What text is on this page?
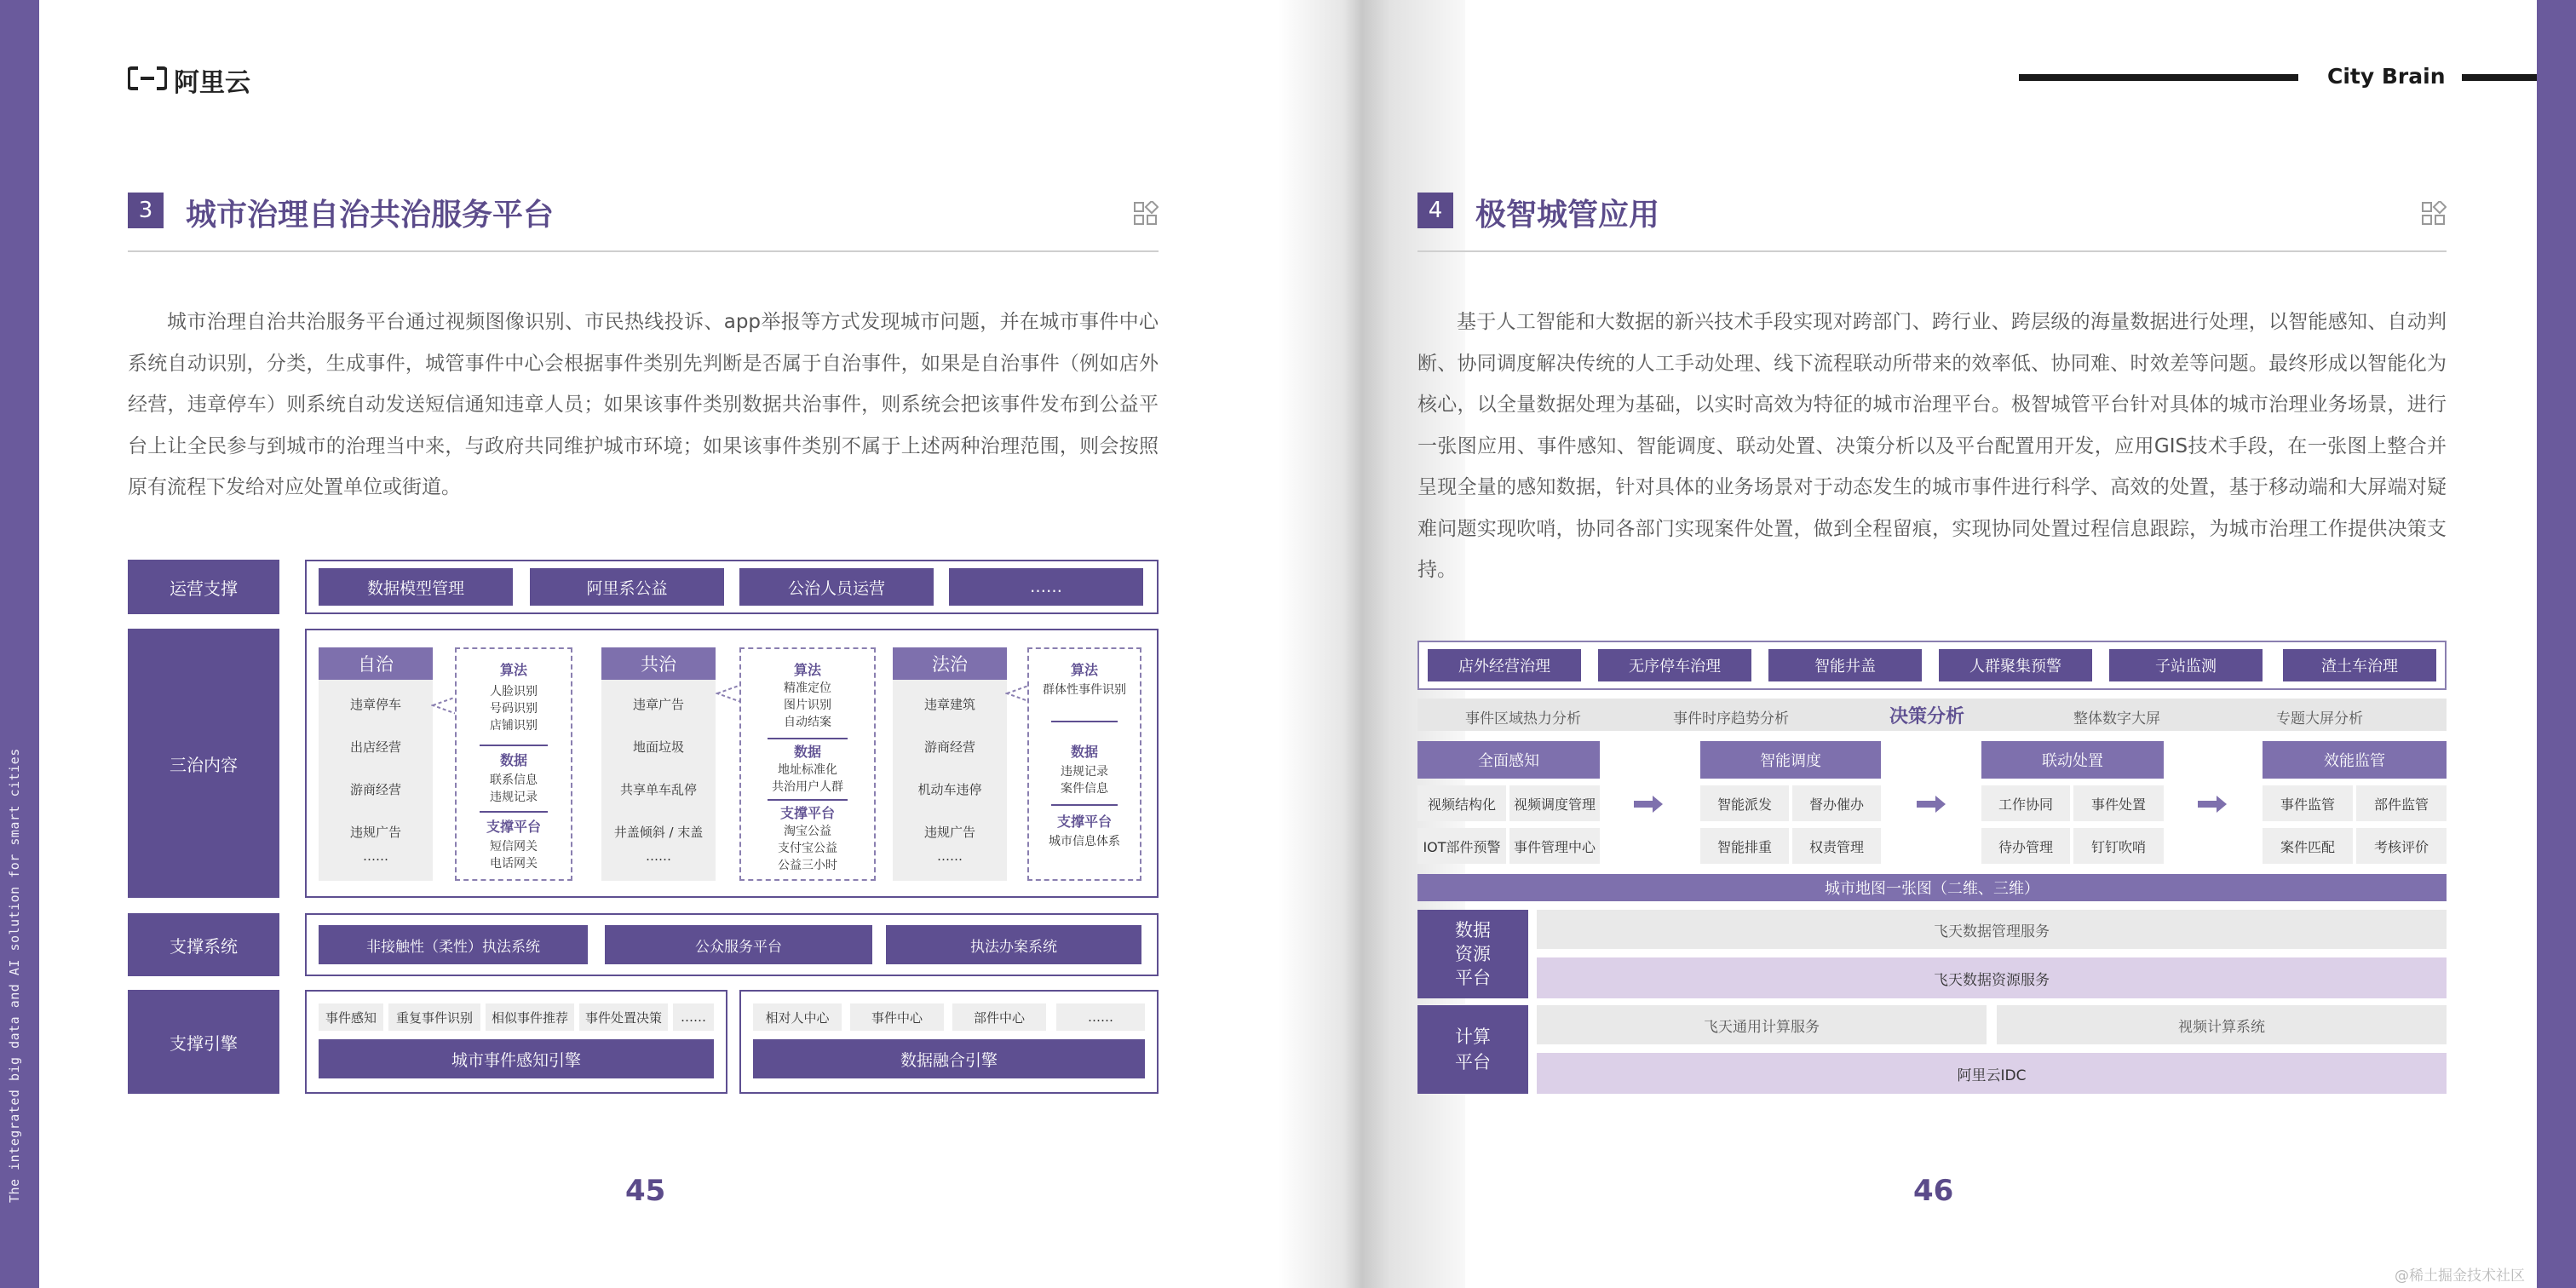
The integrated big data and AI solution for smart cities
阿里云	City Brain
3	城市治理自治共治服务平台

城市治理自治共治服务平台通过视频图像识别、市民热线投诉、app举报等方式发现城市问题，并在城市事件中心系统自动识别，分类，生成事件，城管事件中心会根据事件类别先判断是否属于自治事件，如果是自治事件（例如店外经营，违章停车）则系统自动发送短信通知违章人员；如果该事件类别数据共治事件，则系统会把该事件发布到公益平台上让全民参与到城市的治理当中来，与政府共同维护城市环境；如果该事件类别不属于上述两种治理范围，则会按照原有流程下发给对应处置单位或街道。

运营支撑	数据模型管理	阿里系公益	公治人员运营	……
三治内容
自治
违章停车
出店经营
游商经营
违规广告
……
算法
人脸识别
号码识别
店铺识别
数据
联系信息
违规记录
支撑平台
短信网关
电话网关
共治
违章广告
地面垃圾
共享单车乱停
井盖倾斜 / 末盖
……
算法
精准定位
图片识别
自动结案
数据
地址标准化
共治用户人群
支撑平台
淘宝公益
支付宝公益
公益三小时
法治
违章建筑
游商经营
机动车违停
违规广告
……
算法
群体性事件识别
数据
违规记录
案件信息
支撑平台
城市信息体系
支撑系统	非接触性（柔性）执法系统	公众服务平台	执法办案系统
支撑引擎
事件感知	重复事件识别	相似事件推荐	事件处置决策	……
城市事件感知引擎
相对人中心	事件中心	部件中心	……
数据融合引擎
45
4	极智城管应用

基于人工智能和大数据的新兴技术手段实现对跨部门、跨行业、跨层级的海量数据进行处理，以智能感知、自动判断、协同调度解决传统的人工手动处理、线下流程联动所带来的效率低、协同难、时效差等问题。最终形成以智能化为核心，以全量数据处理为基础，以实时高效为特征的城市治理平台。极智城管平台针对具体的城市治理业务场景，进行一张图应用、事件感知、智能调度、联动处置、决策分析以及平台配置用开发，应用GIS技术手段，在一张图上整合并呈现全量的感知数据，针对具体的业务场景对于动态发生的城市事件进行科学、高效的处置，基于移动端和大屏端对疑难问题实现吹哨，协同各部门实现案件处置，做到全程留痕，实现协同处置过程信息跟踪，为城市治理工作提供决策支持。

店外经营治理	无序停车治理	智能井盖	人群聚集预警	子站监测	渣土车治理
事件区域热力分析	事件时序趋势分析	决策分析	整体数字大屏	专题大屏分析
全面感知
视频结构化	视频调度管理
IOT部件预警 事件管理中心
智能调度
智能派发	督办催办
智能排重	权责管理
联动处置
工作协同	事件处置
待办管理	钉钉吹哨
效能监管
事件监管	部件监管
案件匹配	考核评价
城市地图一张图（二维、三维）
数据
资源
平台
飞天数据管理服务
飞天数据资源服务
计算
平台
飞天通用计算服务	视频计算系统
阿里云IDC
46
@稀土掘金技术社区
